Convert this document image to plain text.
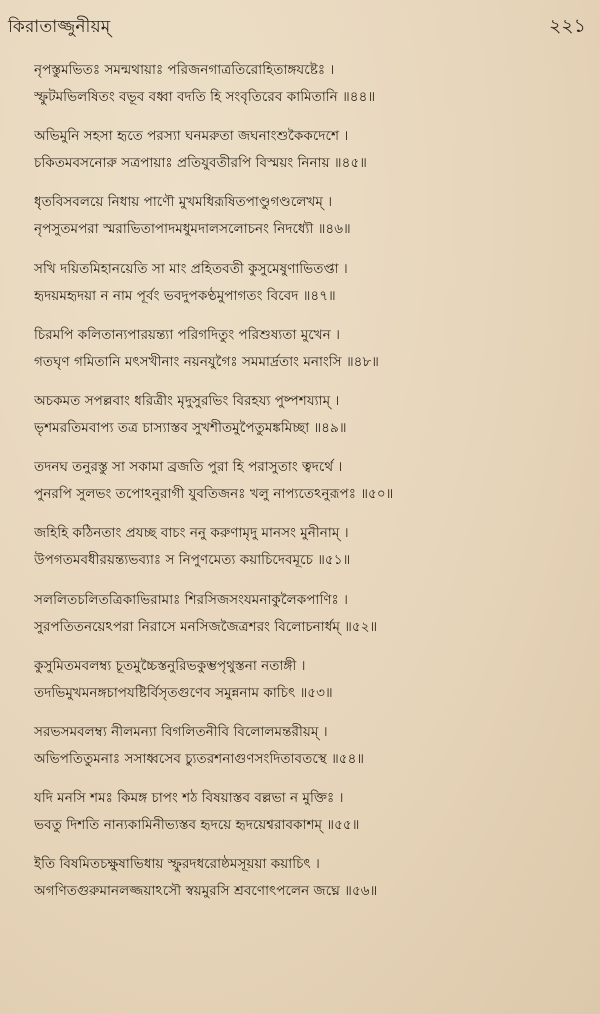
কিরাতাজ্জুনীয়ম্	২২১
নৃপস্তুমভিতঃ সমন্মথায়াঃ পরিজনগাত্রতিরোহিতাঙ্গযষ্টেঃ ।
স্ফুটমভিলষিতং বভূব বধ্বা বদতি হি সংবৃতিরেব কামিতানি ॥৪৪॥
অভিমুনি সহসা হৃতে পরস্যা ঘনমরুতা জঘনাংশুকৈকদেশে ।
চকিতমবসনোরু সত্রপায়াঃ প্রতিযুবতীরপি বিস্ময়ং নিনায় ॥৪৫॥
ধৃতবিসবলয়ে নিধায় পাণৌ মুখমধিরূষিতপাণ্ডুগণ্ডলেখম্ ।
নৃপসুতমপরা স্মরাভিতাপাদমধুমদালসলোচনং নিদধ্যৌ ॥৪৬॥
সখি দয়িতমিহানয়েতি সা মাং প্রহিতবতী কুসুমেষুণাভিতপ্তা ।
হৃদয়মহৃদয়া ন নাম পূর্বং ভবদুপকণ্ঠমুপাগতং বিবেদ ॥৪৭॥
চিরমপি কলিতান্যপারয়ন্ত্যা পরিগদিতুং পরিশুষ্যতা মুখেন ।
গতঘৃণ গমিতানি মৎসখীনাং নয়নযুগৈঃ সমমার্দ্রতাং মনাংসি ॥৪৮॥
অচকমত সপল্লবাং ধরিত্রীং মৃদুসুরভিং বিরহয্য পুষ্পশয্যাম্ ।
ভৃশমরতিমবাপ্য তত্র চাস্যাস্তব সুখশীতমুপৈতুমঙ্কমিচ্ছা ॥৪৯॥
তদনঘ তনুরস্তু সা সকামা ব্রজতি পুরা হি পরাসুতাং ত্বদর্থে ।
পুনরপি সুলভং তপোঽনুরাগী যুবতিজনঃ খলু নাপ্যতেঽনুরূপঃ ॥৫০॥
জহিহি কঠিনতাং প্রযচ্ছ বাচং ননু করুণামৃদু মানসং মুনীনাম্ ।
উপগতমবধীরয়ন্ত্যভব্যাঃ স নিপুণমেত্য কয়াচিদেবমূচে ॥৫১॥
সললিতচলিতত্রিকাভিরামাঃ শিরসিজসংযমনাকুলৈকপাণিঃ ।
সুরপতিতনয়েঽপরা নিরাসে মনসিজজৈত্রশরং বিলোচনার্ধম্ ॥৫২॥
কুসুমিতমবলম্ব্য চূতমুচ্চৈস্তনুরিভকুম্ভপৃথুস্তনা নতাঙ্গী ।
তদভিমুখমনঙ্গচাপযষ্টির্বিসৃতগুণেব সমুন্ননাম কাচিৎ ॥৫৩॥
সরভসমবলম্ব্য নীলমন্যা বিগলিতনীবি বিলোলমন্তরীয়ম্ ।
অভিপতিতুমনাঃ সসাধ্বসেব চ্যুতরশনাগুণসংদিতাবতস্থে ॥৫৪॥
যদি মনসি শমঃ কিমঙ্গ চাপং শঠ বিষয়াস্তব বল্লভা ন মুক্তিঃ ।
ভবতু দিশতি নান্যকামিনীভ্যস্তব হৃদয়ে হৃদয়েশ্বরাবকাশম্ ॥৫৫॥
ইতি বিষমিতচক্ষুষাভিধায় স্ফুরদধরোষ্ঠমসূয়য়া কয়াচিৎ ।
অগণিতগুরুমানলজ্জয়াঽসৌ স্বয়মুরসি শ্রবণোৎপলেন জঘ্নে ॥৫৬॥
